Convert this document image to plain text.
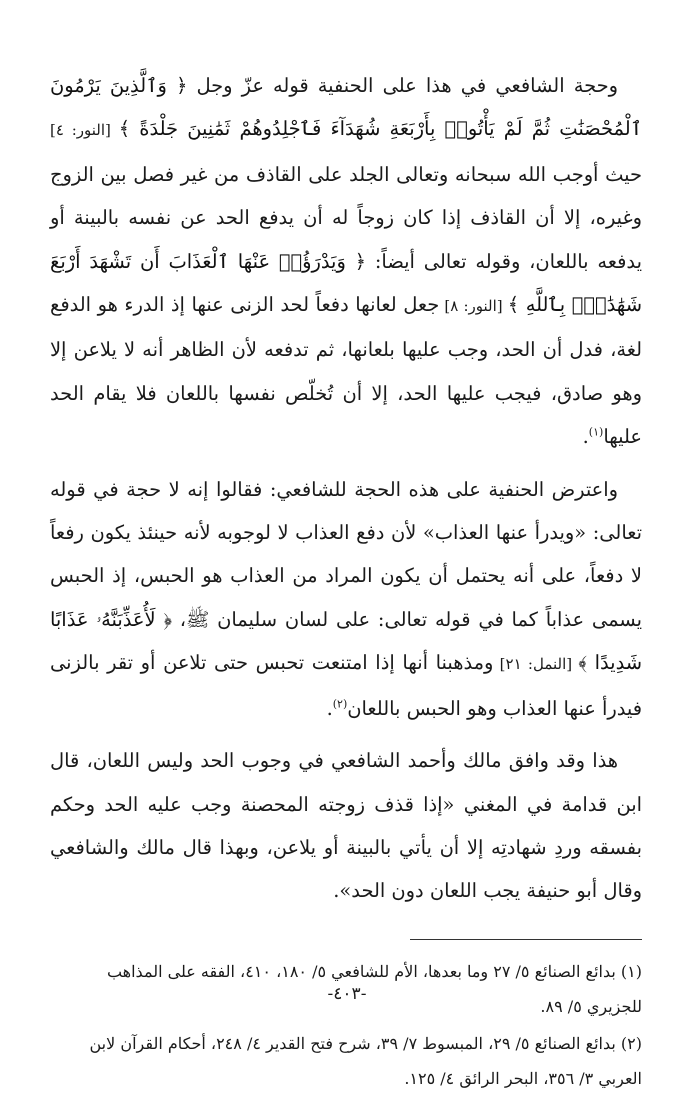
وحجة الشافعي في هذا على الحنفية قوله عزّ وجل ﴿ وَٱلَّذِينَ يَرْمُونَ ٱلْمُحْصَنَٰتِ ثُمَّ لَمْ يَأْتُوا۟ بِأَرْبَعَةِ شُهَدَآءَ فَٱجْلِدُوهُمْ ثَمَٰنِينَ جَلْدَةً ﴾ [النور: ٤] حيث أوجب الله سبحانه وتعالى الجلد على القاذف من غير فصل بين الزوج وغيره، إلا أن القاذف إذا كان زوجاً له أن يدفع الحد عن نفسه بالبينة أو يدفعه باللعان، وقوله تعالى أيضاً: ﴿ وَيَدْرَؤُا۟ عَنْهَا ٱلْعَذَابَ أَن تَشْهَدَ أَرْبَعَ شَهَٰدَٰتٍۭ بِٱللَّهِ ﴾ [النور: ٨] جعل لعانها دفعاً لحد الزنى عنها إذ الدرء هو الدفع لغة، فدل أن الحد، وجب عليها بلعانها، ثم تدفعه لأن الظاهر أنه لا يلاعن إلا وهو صادق، فيجب عليها الحد، إلا أن تُخلّص نفسها باللعان فلا يقام الحد عليها$^{(١)}$.

واعترض الحنفية على هذه الحجة للشافعي: فقالوا إنه لا حجة في قوله تعالى: «ويدرأ عنها العذاب» لأن دفع العذاب لا لوجوبه لأنه حينئذ يكون رفعاً لا دفعاً، على أنه يحتمل أن يكون المراد من العذاب هو الحبس، إذ الحبس يسمى عذاباً كما في قوله تعالى: على لسان سليمان ﷺ، ﴿ لَأُعَذِّبَنَّهُۥ عَذَابًا شَدِيدًا ﴾ [النمل: ٢١] ومذهبنا أنها إذا امتنعت تحبس حتى تلاعن أو تقر بالزنى فيدرأ عنها العذاب وهو الحبس باللعان$^{(٢)}$.

هذا وقد وافق مالك وأحمد الشافعي في وجوب الحد وليس اللعان، قال ابن قدامة في المغني «إذا قذف زوجته المحصنة وجب عليه الحد وحكم بفسقه وردِ شهادتِه إلا أن يأتي بالبينة أو يلاعن، وبهذا قال مالك والشافعي وقال أبو حنيفة يجب اللعان دون الحد».

(١) بدائع الصنائع ٥/ ٢٧ وما بعدها، الأم للشافعي ٥/ ١٨٠، ٤١٠، الفقه على المذاهب للجزيري ٥/ ٨٩.

(٢) بدائع الصنائع ٥/ ٢٩، المبسوط ٧/ ٣٩، شرح فتح القدير ٤/ ٢٤٨، أحكام القرآن لابن العربي ٣/ ٣٥٦، البحر الرائق ٤/ ١٢٥.

-٤٠٣-
